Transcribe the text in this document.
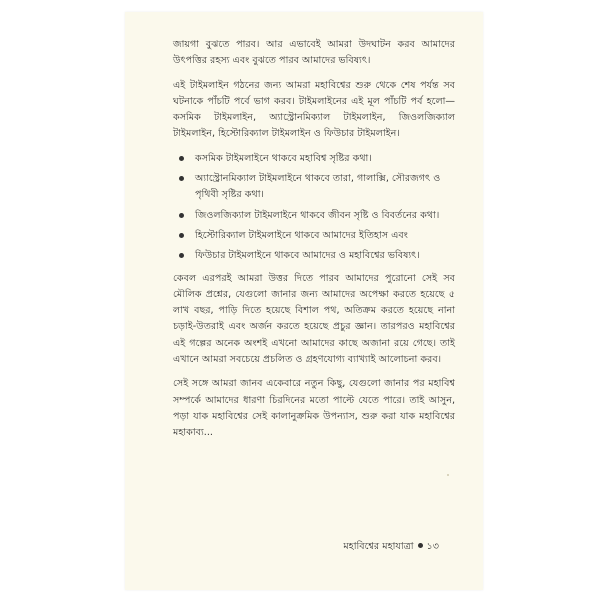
জায়গা বুঝতে পারব। আর এভাবেই আমরা উদঘাটন করব আমাদের উৎপত্তির রহস্য এবং বুঝতে পারব আমাদের ভবিষ্যৎ।

এই টাইমলাইন গঠনের জন্য আমরা মহাবিশ্বের শুরু থেকে শেষ পর্যন্ত সব ঘটনাকে পাঁচটি পর্বে ভাগ করব। টাইমলাইনের এই মূল পাঁচটি পর্ব হলো— কসমিক টাইমলাইন, অ্যাস্ট্রোনমিক্যাল টাইমলাইন, জিওলজিক্যাল টাইমলাইন, হিস্টোরিক্যাল টাইমলাইন ও ফিউচার টাইমলাইন।

কসমিক টাইমলাইনে থাকবে মহাবিশ্ব সৃষ্টির কথা।
অ্যাস্ট্রোনমিক্যাল টাইমলাইনে থাকবে তারা, গালাক্সি, সৌরজগৎ ও পৃথিবী সৃষ্টির কথা।
জিওলজিক্যাল টাইমলাইনে থাকবে জীবন সৃষ্টি ও বিবর্তনের কথা।
হিস্টোরিক্যাল টাইমলাইনে থাকবে আমাদের ইতিহাস এবং
ফিউচার টাইমলাইনে থাকবে আমাদের ও মহাবিশ্বের ভবিষ্যৎ।

কেবল এরপরই আমরা উত্তর দিতে পারব আমাদের পুরোনো সেই সব মৌলিক প্রশ্নের, যেগুলো জানার জন্য আমাদের অপেক্ষা করতে হয়েছে ৫ লাখ বছর, পাড়ি দিতে হয়েছে বিশাল পথ, অতিক্রম করতে হয়েছে নানা চড়াই-উতরাই এবং অর্জন করতে হয়েছে প্রচুর জ্ঞান। তারপরও মহাবিশ্বের এই গল্পের অনেক অংশই এখনো আমাদের কাছে অজানা রয়ে গেছে। তাই এখানে আমরা সবচেয়ে প্রচলিত ও গ্রহণযোগ্য ব্যাখ্যাই আলোচনা করব।

সেই সঙ্গে আমরা জানব একেবারে নতুন কিছু, যেগুলো জানার পর মহাবিশ্ব সম্পর্কে আমাদের ধারণা চিরদিনের মতো পাল্টে যেতে পারে। তাই আসুন, পড়া যাক মহাবিশ্বের সেই কালানুক্রমিক উপন্যাস, শুরু করা যাক মহাবিশ্বের মহাকাব্য...

মহাবিশ্বের মহাযাত্রা ১৩
